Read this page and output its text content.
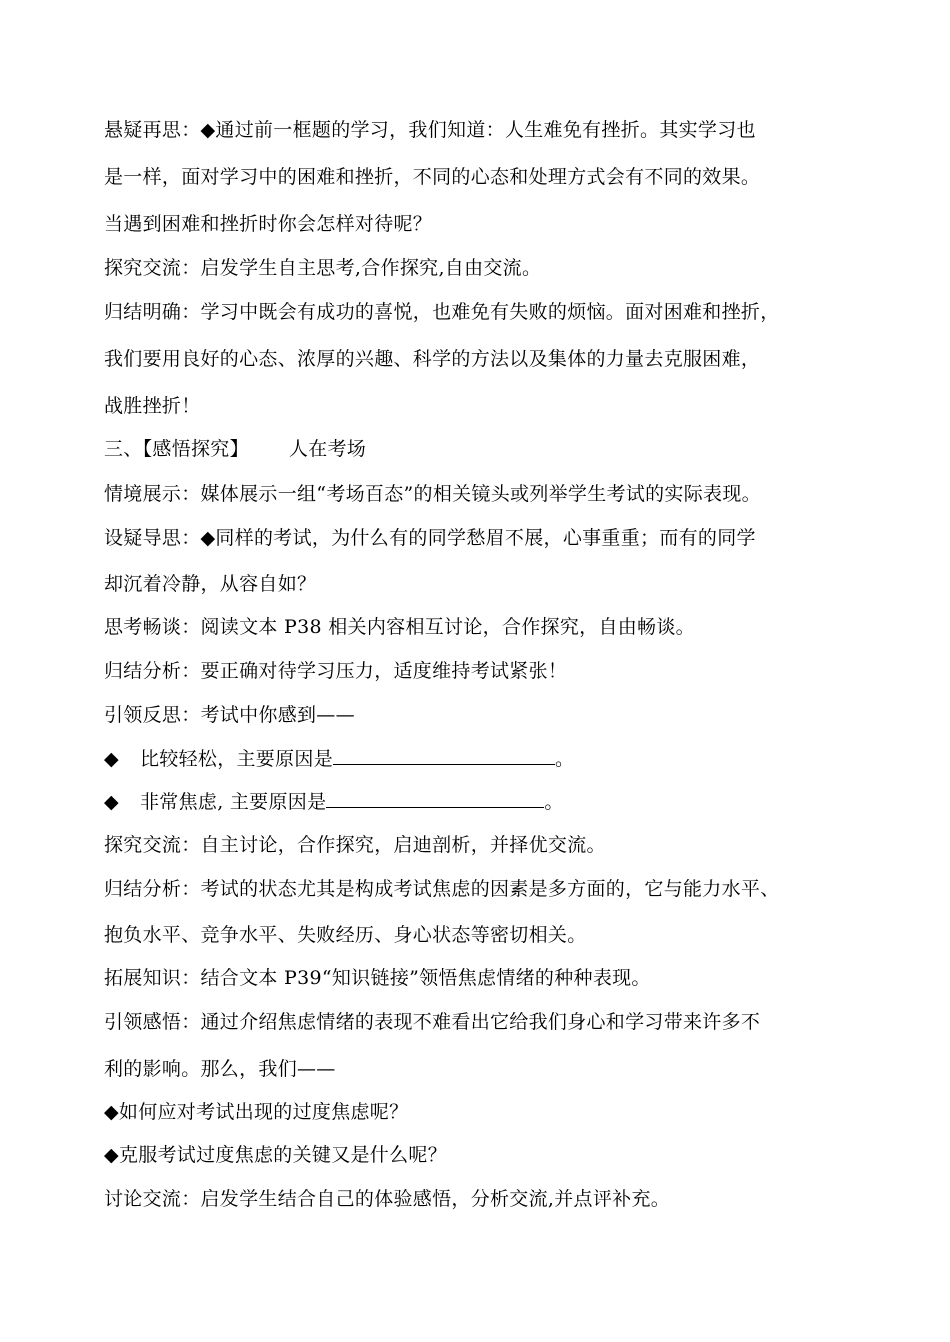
悬疑再思：◆通过前一框题的学习，我们知道：人生难免有挫折。其实学习也
是一样，面对学习中的困难和挫折，不同的心态和处理方式会有不同的效果。
当遇到困难和挫折时你会怎样对待呢？
探究交流：启发学生自主思考,合作探究,自由交流。
归结明确：学习中既会有成功的喜悦，也难免有失败的烦恼。面对困难和挫折，
我们要用良好的心态、浓厚的兴趣、科学的方法以及集体的力量去克服困难，
战胜挫折！
三、【感悟探究】 人在考场
情境展示：媒体展示一组“考场百态”的相关镜头或列举学生考试的实际表现。
设疑导思：◆同样的考试，为什么有的同学愁眉不展，心事重重；而有的同学
却沉着冷静，从容自如？
思考畅谈：阅读文本 P38 相关内容相互讨论，合作探究，自由畅谈。
归结分析：要正确对待学习压力，适度维持考试紧张！
引领反思：考试中你感到——
◆ 比较轻松，主要原因是	。
◆ 非常焦虑, 主要原因是	。
探究交流：自主讨论，合作探究，启迪剖析，并择优交流。
归结分析：考试的状态尤其是构成考试焦虑的因素是多方面的，它与能力水平、
抱负水平、竞争水平、失败经历、身心状态等密切相关。
拓展知识：结合文本 P39“知识链接”领悟焦虑情绪的种种表现。
引领感悟：通过介绍焦虑情绪的表现不难看出它给我们身心和学习带来许多不
利的影响。那么，我们——
◆如何应对考试出现的过度焦虑呢？
◆克服考试过度焦虑的关键又是什么呢？
讨论交流：启发学生结合自己的体验感悟，分析交流,并点评补充。
